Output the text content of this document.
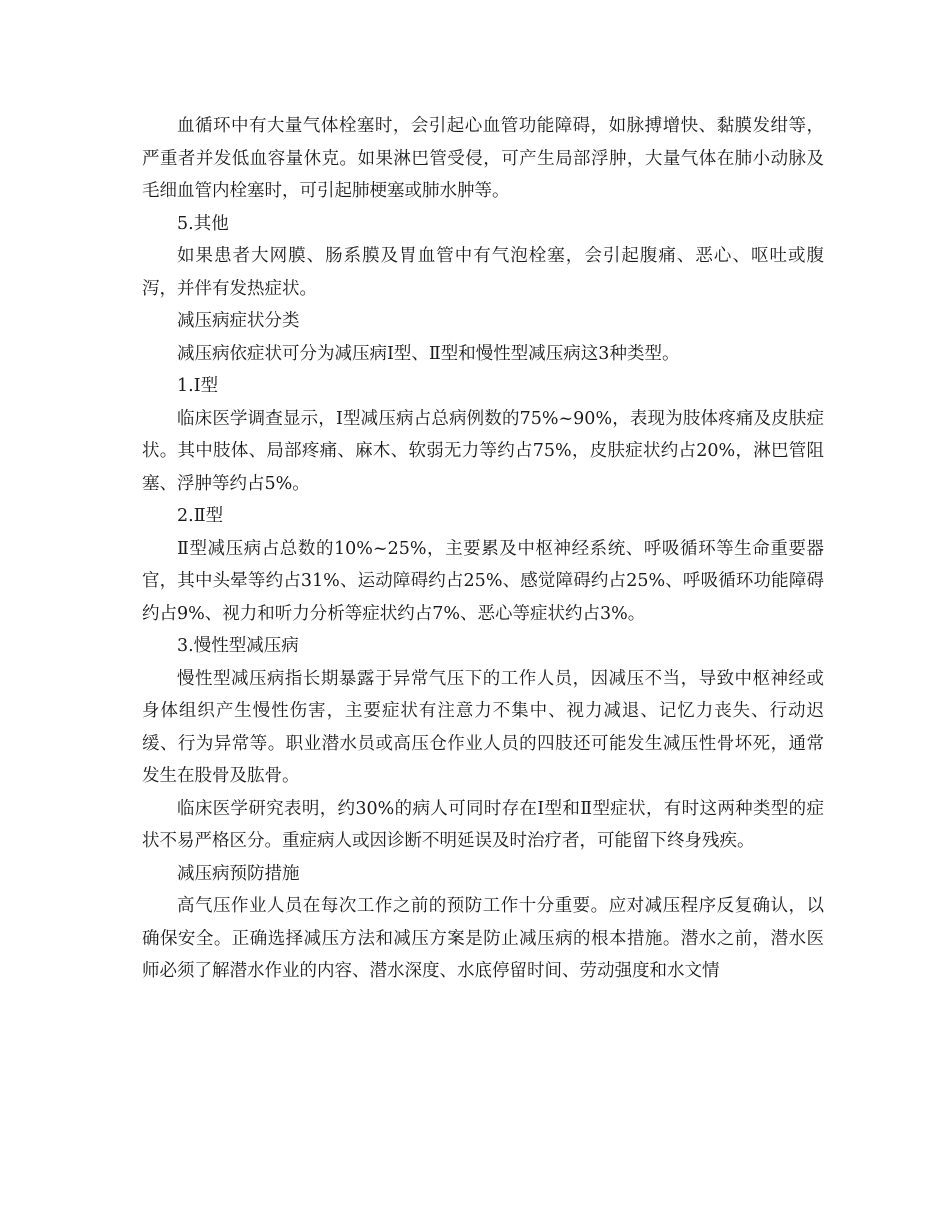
血循环中有大量气体栓塞时，会引起心血管功能障碍，如脉搏增快、黏膜发绀等，严重者并发低血容量休克。如果淋巴管受侵，可产生局部浮肿，大量气体在肺小动脉及毛细血管内栓塞时，可引起肺梗塞或肺水肿等。

5.其他

如果患者大网膜、肠系膜及胃血管中有气泡栓塞，会引起腹痛、恶心、呕吐或腹泻，并伴有发热症状。

减压病症状分类

减压病依症状可分为减压病Ⅰ型、Ⅱ型和慢性型减压病这3种类型。

1.Ⅰ型

临床医学调查显示，Ⅰ型减压病占总病例数的75%~90%，表现为肢体疼痛及皮肤症状。其中肢体、局部疼痛、麻木、软弱无力等约占75%，皮肤症状约占20%，淋巴管阻塞、浮肿等约占5%。

2.Ⅱ型

Ⅱ型减压病占总数的10%~25%，主要累及中枢神经系统、呼吸循环等生命重要器官，其中头晕等约占31%、运动障碍约占25%、感觉障碍约占25%、呼吸循环功能障碍约占9%、视力和听力分析等症状约占7%、恶心等症状约占3%。

3.慢性型减压病

慢性型减压病指长期暴露于异常气压下的工作人员，因减压不当，导致中枢神经或身体组织产生慢性伤害，主要症状有注意力不集中、视力减退、记忆力丧失、行动迟缓、行为异常等。职业潜水员或高压仓作业人员的四肢还可能发生减压性骨坏死，通常发生在股骨及肱骨。

临床医学研究表明，约30%的病人可同时存在Ⅰ型和Ⅱ型症状，有时这两种类型的症状不易严格区分。重症病人或因诊断不明延误及时治疗者，可能留下终身残疾。

减压病预防措施

高气压作业人员在每次工作之前的预防工作十分重要。应对减压程序反复确认，以确保安全。正确选择减压方法和减压方案是防止减压病的根本措施。潜水之前，潜水医师必须了解潜水作业的内容、潜水深度、水底停留时间、劳动强度和水文情
